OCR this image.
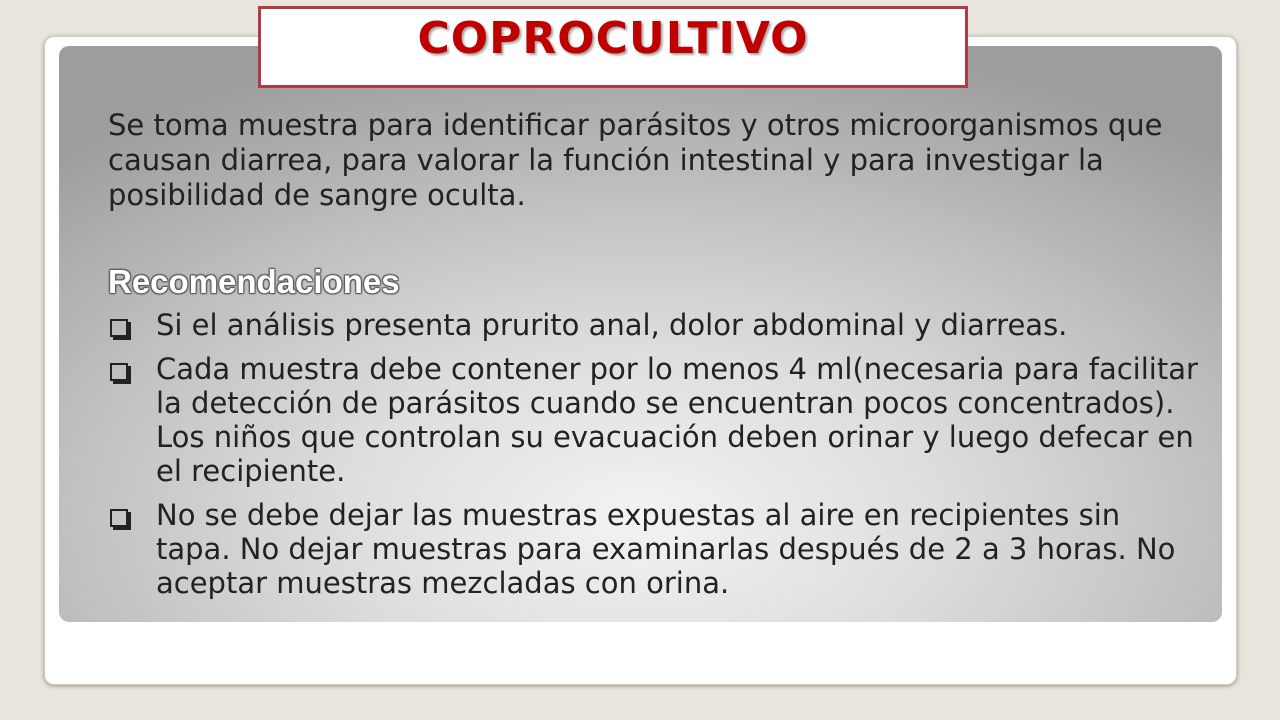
COPROCULTIVO

Se toma muestra para identificar parásitos y otros microorganismos que causan diarrea, para valorar la función intestinal y para investigar la posibilidad de sangre oculta.

Recomendaciones
Si el análisis presenta prurito anal, dolor abdominal y diarreas.
Cada muestra debe contener por lo menos 4 ml(necesaria para facilitar la detección de parásitos cuando se encuentran pocos concentrados). Los niños que controlan su evacuación deben orinar y luego defecar en el recipiente.
No se debe dejar las muestras expuestas al aire en recipientes sin tapa. No dejar muestras para examinarlas después de 2 a 3 horas. No aceptar muestras mezcladas con orina.
